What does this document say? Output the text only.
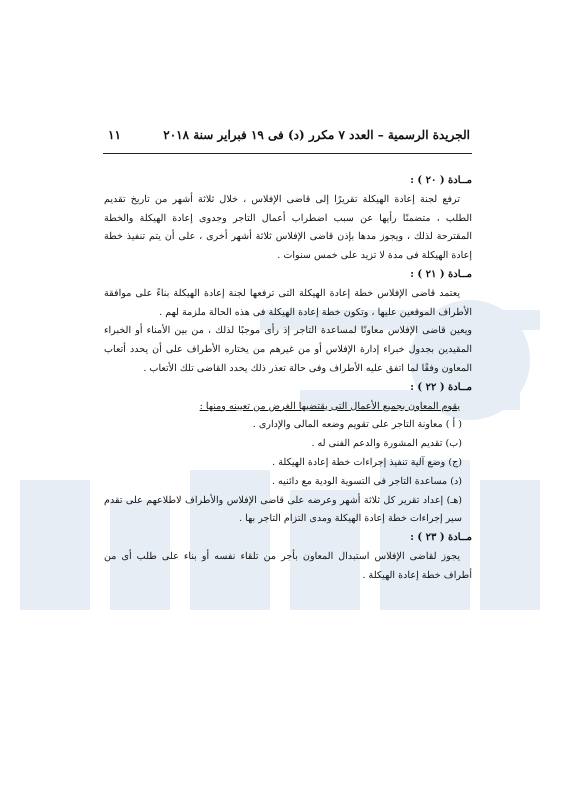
الجريدة الرسمية – العدد ٧ مكرر (د) فى ١٩ فبراير سنة ٢٠١٨
١١
مــادة ( ٢٠ ) :

ترفع لجنة إعادة الهيكلة تقريرًا إلى قاضى الإفلاس ، خلال ثلاثة أشهر من تاريخ تقديم الطلب ، متضمنًا رأيها عن سبب اضطراب أعمال التاجر وجدوى إعادة الهيكلة والخطة المقترحة لذلك ، ويجوز مدها بإذن قاضى الإفلاس ثلاثة أشهر أخرى ، على أن يتم تنفيذ خطة إعادة الهيكلة فى مدة لا تزيد على خمس سنوات .

مــادة ( ٢١ ) :

يعتمد قاضى الإفلاس خطة إعادة الهيكلة التى ترفعها لجنة إعادة الهيكلة بناءً على موافقة الأطراف الموقعين عليها ، وتكون خطة إعادة الهيكلة فى هذه الحالة ملزمة لهم .

ويعين قاضى الإفلاس معاونًا لمساعدة التاجر إذ رأى موجبًا لذلك ، من بين الأمناء أو الخبراء المقيدين بجدول خبراء إدارة الإفلاس أو من غيرهم من يختاره الأطراف على أن يحدد أتعاب المعاون وفقًا لما اتفق عليه الأطراف وفى حالة تعذر ذلك يحدد القاضى تلك الأتعاب .

مــادة ( ٢٢ ) :

يقوم المعاون بجميع الأعمال التى يقتضيها الغرض من تعيينه ومنها :

( أ ) معاونة التاجر على تقويم وضعه المالى والإدارى .

(ب) تقديم المشورة والدعم الفنى له .

(ج) وضع آلية تنفيذ إجراءات خطة إعادة الهيكلة .

(د) مساعدة التاجر فى التسوية الودية مع دائنيه .

(هـ) إعداد تقرير كل ثلاثة أشهر وعرضه على قاضى الإفلاس والأطراف لاطلاعهم على تقدم سير إجراءات خطة إعادة الهيكلة ومدى التزام التاجر بها .

مــادة ( ٢٣ ) :

يجوز لقاضى الإفلاس استبدال المعاون بأجر من تلقاء نفسه أو بناء على طلب أى من أطراف خطة إعادة الهيكلة .
